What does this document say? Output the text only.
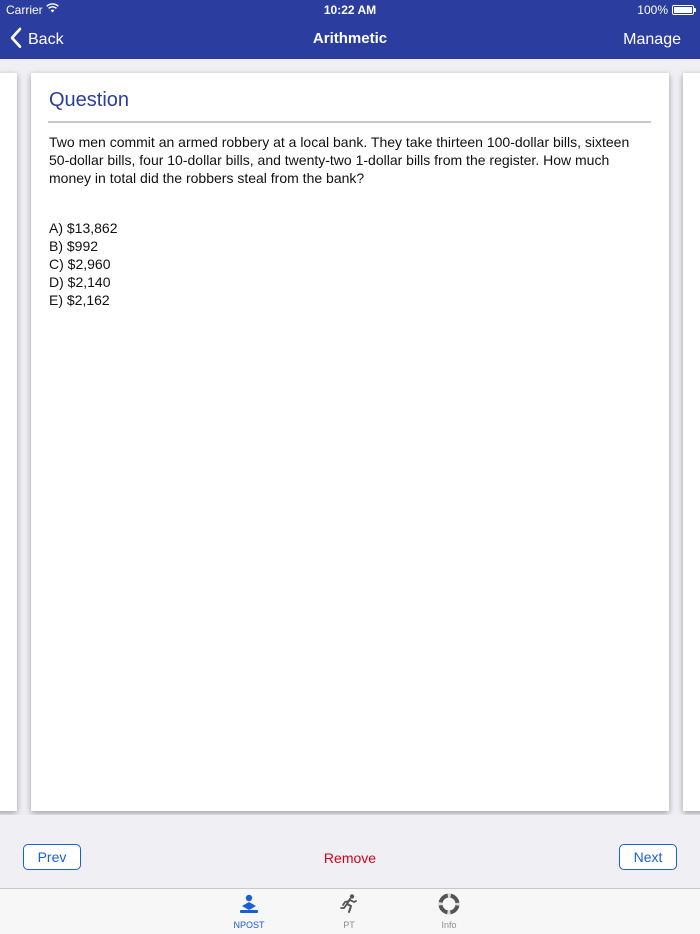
Carrier	10:22 AM	100%
Back	Arithmetic	Manage
Question

Two men commit an armed robbery at a local bank. They take thirteen 100-dollar bills, sixteen 50-dollar bills, four 10-dollar bills, and twenty-two 1-dollar bills from the register. How much money in total did the robbers steal from the bank?

A) $13,862
B) $992
C) $2,960
D) $2,140
E) $2,162
Prev	Remove	Next
NPOST	PT	Info
